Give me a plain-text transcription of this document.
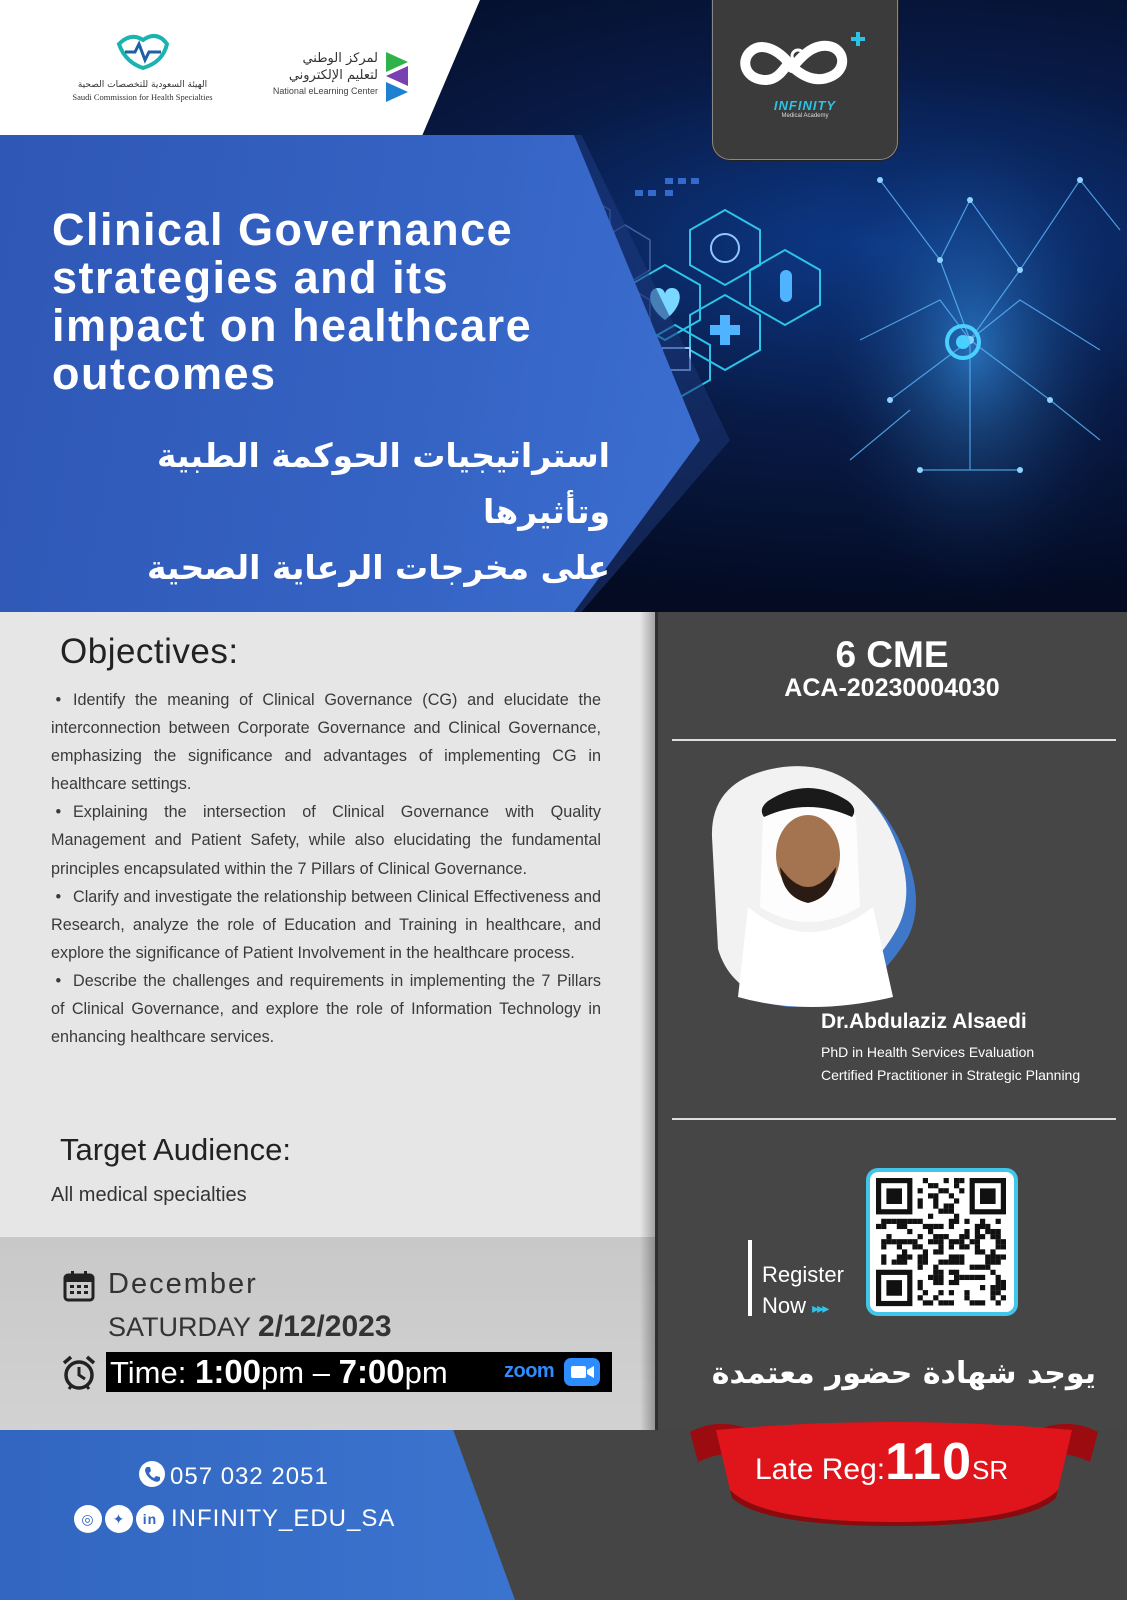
الهيئة السعودية للتخصصات الصحية
Saudi Commission for Health Specialties
لمركز الوطني
لتعليم الإلكتروني
National eLearning Center
INFINITY
Medical Academy
Clinical Governance strategies and its impact on healthcare outcomes
استراتيجيات الحوكمة الطبية وتأثيرها
على مخرجات الرعاية الصحية
Objectives:

• Identify the meaning of Clinical Governance (CG) and elucidate the interconnection between Corporate Governance and Clinical Governance, emphasizing the significance and advantages of implementing CG in healthcare settings.

• Explaining the intersection of Clinical Governance with Quality Management and Patient Safety, while also elucidating the fundamental principles encapsulated within the 7 Pillars of Clinical Governance.

• Clarify and investigate the relationship between Clinical Effectiveness and Research, analyze the role of Education and Training in healthcare, and explore the significance of Patient Involvement in the healthcare process.

• Describe the challenges and requirements in implementing the 7 Pillars of Clinical Governance, and explore the role of Information Technology in enhancing healthcare services.

Target Audience:
All medical specialties
December
SATURDAY 2/12/2023
Time: 1:00pm – 7:00pm	zoom
057 032 2051
◎	✦	in INFINITY_EDU_SA
6 CME
ACA-20230004030
Dr.Abdulaziz Alsaedi
PhD in Health Services Evaluation
Certified Practitioner in Strategic Planning
Register
Now ▸▸▸
يوجد شهادة حضور معتمدة
Late Reg:110SR
